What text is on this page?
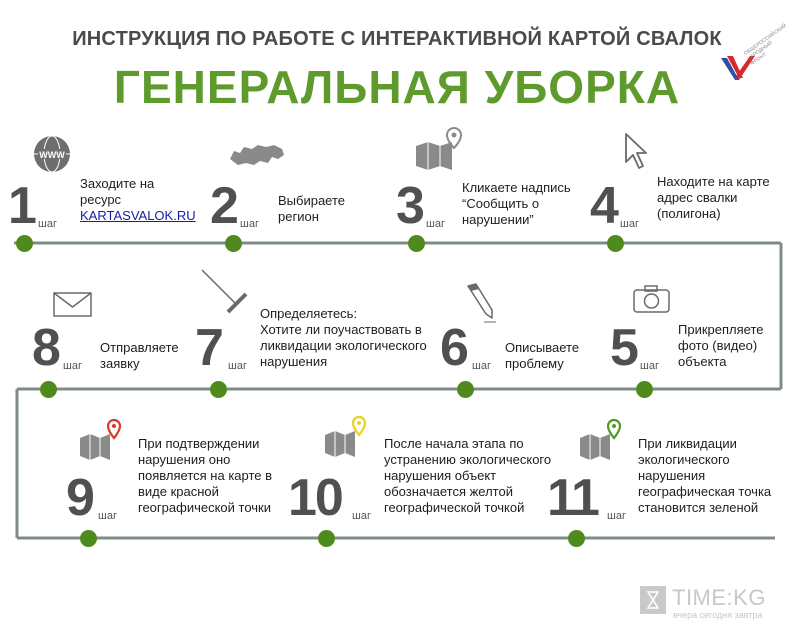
ИНСТРУКЦИЯ ПО РАБОТЕ С ИНТЕРАКТИВНОЙ КАРТОЙ СВАЛОК
ГЕНЕРАЛЬНАЯ УБОРКА
ОБЩЕРОССИЙСКИЙ НАРОДНЫЙ ФРОНТ
WWW
1 шаг
Заходите на
ресурс
KARTASVALOK.RU 2 шаг
Выбираете
регион	3 шаг
Кликаете надпись
“Сообщить о
нарушении”	4 шаг
Находите на карте
адрес свалки
(полигона)
8 шаг
Отправляете
заявку	7 шаг
Определяетесь:
Хотите ли поучаствовать в
ликвидации экологического
нарушения	6 шаг
Описываете
проблему 5 шаг
Прикрепляете
фото (видео)
объекта
9 шаг
При подтверждении
нарушения оно
появляется на карте в
виде красной
географической точки 10 шаг
После начала этапа по
устранению экологического
нарушения объект
обозначается желтой
географической точкой 11 шаг
При ликвидации
экологического
нарушения
географическая точка
становится зеленой
TIME:KG
вчера сегодня завтра
